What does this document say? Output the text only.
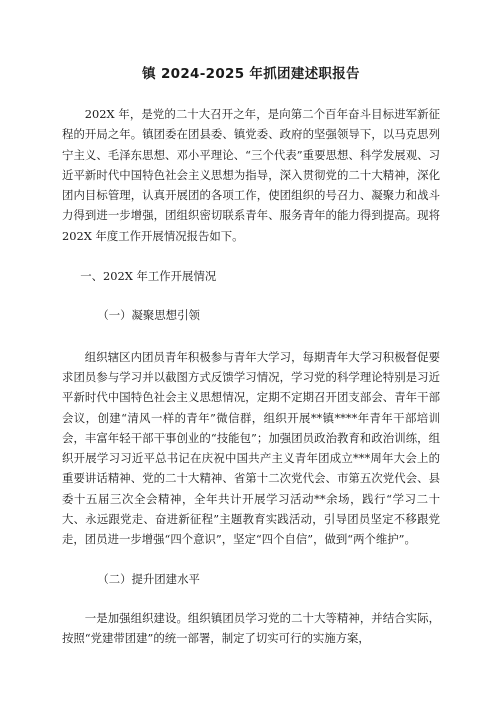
镇 2024-2025 年抓团建述职报告

202X 年，是党的二十大召开之年，是向第二个百年奋斗目标进军新征程的开局之年。镇团委在团县委、镇党委、政府的坚强领导下，以马克思列宁主义、毛泽东思想、邓小平理论、“三个代表”重要思想、科学发展观、习近平新时代中国特色社会主义思想为指导，深入贯彻党的二十大精神，深化团内目标管理，认真开展团的各项工作，使团组织的号召力、凝聚力和战斗力得到进一步增强，团组织密切联系青年、服务青年的能力得到提高。现将 202X 年度工作开展情况报告如下。

一、202X 年工作开展情况

（一）凝聚思想引领

组织辖区内团员青年积极参与青年大学习，每期青年大学习积极督促要求团员参与学习并以截图方式反馈学习情况，学习党的科学理论特别是习近平新时代中国特色社会主义思想情况，定期不定期召开团支部会、青年干部会议，创建“清风一样的青年”微信群，组织开展**镇****年青年干部培训会，丰富年轻干部干事创业的“技能包”；加强团员政治教育和政治训练，组织开展学习习近平总书记在庆祝中国共产主义青年团成立***周年大会上的重要讲话精神、党的二十大精神、省第十二次党代会、市第五次党代会、县委十五届三次全会精神，全年共计开展学习活动**余场，践行“学习二十大、永远跟党走、奋进新征程”主题教育实践活动，引导团员坚定不移跟党走，团员进一步增强“四个意识”，坚定“四个自信”，做到“两个维护”。

（二）提升团建水平

一是加强组织建设。组织镇团员学习党的二十大等精神，并结合实际，按照“党建带团建”的统一部署，制定了切实可行的实施方案，
